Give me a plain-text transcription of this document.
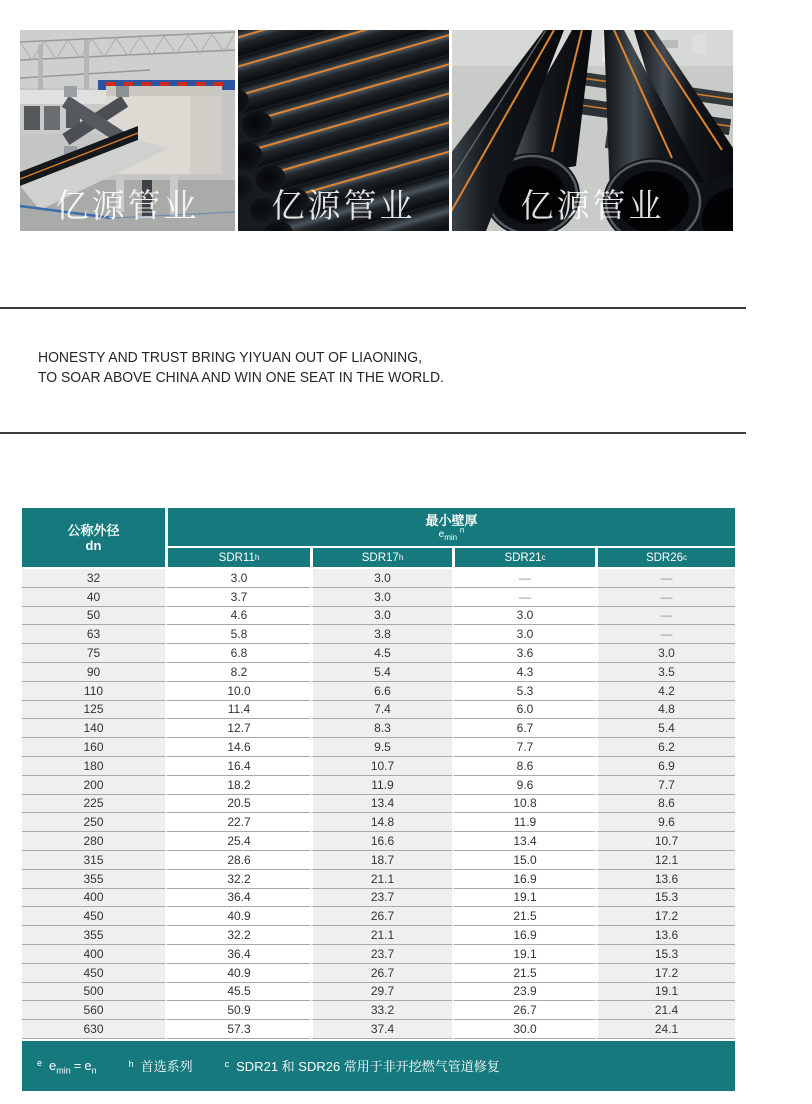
亿源管业	亿源管业	亿源管业
HONESTY AND TRUST BRING YIYUAN OUT OF LIAONING,
TO SOAR ABOVE CHINA AND WIN ONE SEAT IN THE WORLD.
公称外径
dn
最小壁厚
$e_{min}$ $^n$
SDR11 h	SDR17 h	SDR21 c	SDR26 c
32	3.0	3.0	—	—
40	3.7	3.0	—	—
50	4.6	3.0	3.0	—
63	5.8	3.8	3.0	—
75	6.8	4.5	3.6	3.0
90	8.2	5.4	4.3	3.5
110	10.0	6.6	5.3	4.2
125	11.4	7.4	6.0	4.8
140	12.7	8.3	6.7	5.4
160	14.6	9.5	7.7	6.2
180	16.4	10.7	8.6	6.9
200	18.2	11.9	9.6	7.7
225	20.5	13.4	10.8	8.6
250	22.7	14.8	11.9	9.6
280	25.4	16.6	13.4	10.7
315	28.6	18.7	15.0	12.1
355	32.2	21.1	16.9	13.6
400	36.4	23.7	19.1	15.3
450	40.9	26.7	21.5	17.2
355	32.2	21.1	16.9	13.6
400	36.4	23.7	19.1	15.3
450	40.9	26.7	21.5	17.2
500	45.5	29.7	23.9	19.1
560	50.9	33.2	26.7	21.4
630	57.3	37.4	30.0	24.1
e $e_{min} = e_n$
h 首选系列	c SDR21 和 SDR26 常用于非开挖燃气管道修复
